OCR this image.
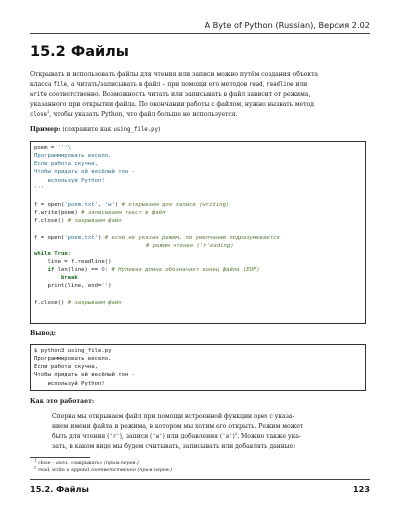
A Byte of Python (Russian), Версия 2.02
15.2 Файлы

Открывать и использовать файлы для чтения или записи можно путём создания объекта

класса file, а читать/записывать в файл – при помощи его методов read, readline или

write соответственно. Возможность читать или записывать в файл зависит от режима,

указанного при открытии файла. По окончании работы с файлом, нужно вызвать метод

close$^1$, чтобы указать Python, что файл больше не используется.

Пример: (сохраните как using_file.py)

poem = '''\
Программировать весело.
Если работа скучна,
Чтобы придать ей весёлый тон -
используй Python!
'''
f = open('poem.txt', 'w') # открываем для записи (writing)
f.write(poem) # записываем текст в файл
f.close() # закрываем файл
f = open('poem.txt') # если не указан режим, по умолчанию подразумевается
# режим чтения ('r'eading)
while True:
line = f.readline()
if len(line) == 0: # Нулевая длина обозначает конец файла (EOF)
break
print(line, end='')
f.close() # закрываем файл

Вывод:

$ python3 using_file.py
Программировать весело.
Если работа скучна,
Чтобы придать ей весёлый тон -
используй Python!

Как это работает:

Сперва мы открываем файл при помощи встроенной функции open с указа-

нием имени файла и режима, в котором мы хотим его открыть. Режим может

быть для чтения ('r'), записи ('w') или добавления $('a')^2$. Можно также ука-

зать, в каком виде мы будем считывать, записывать или добавлять данные:

$^1$ close – англ. «закрывать» (прим.перев.)

$^2$ read, write и append соответственно (прим.перев.)

15.2. Файлы	123
